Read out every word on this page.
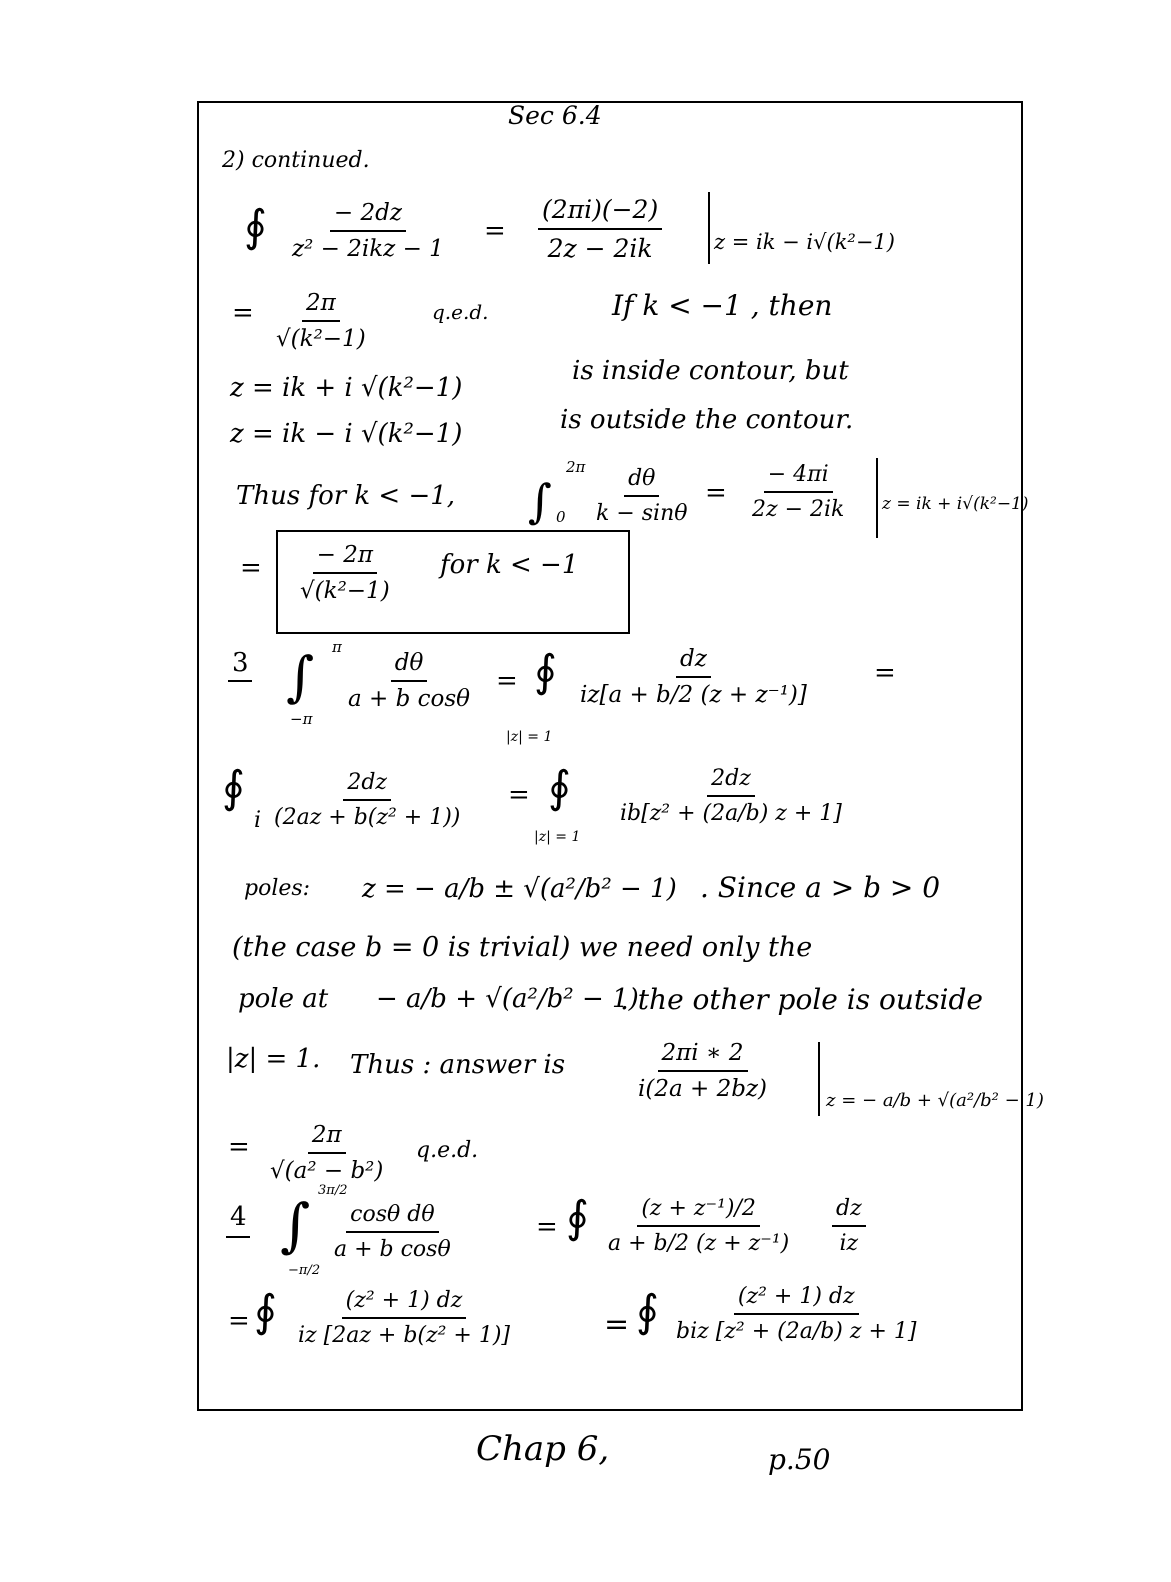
Sec 6.4
2) continued.
∮	− 2dz
z² − 2ikz − 1
= $\frac{(2\pi i)(-2)}{2z - 2ik}$ z = ik − i√(k²−1)
= $\frac{2\pi}{\text{√(k²−1)}}$	q.e.d.	If k < −1 , then
z = ik + i √(k²−1)
is inside contour, but
z = ik − i √(k²−1)	is outside the contour.
Thus for k < −1, ∫
2π
$0 \frac{d\theta}{k - \sin\theta} = \frac{- 4\pi i}{2z - 2ik}$ z = ik + i√(k²−1)
= $\frac{- 2\pi}{\text{√(k²−1)}}$ for k < −1
3 ∫ π
−π
$\frac{d\theta}{\text{a + b cosθ}}$ = ∮
|z| = 1
$\frac{dz}{\text{iz[a + b/2 (z + z⁻¹)]}}$ =
∮
i $\frac{2dz}{\text{(2az + b(z² + 1))}}$ = ∮
|z| = 1
$\frac{2dz}{\text{ib[z² + (2a/b) z + 1]}}$
poles: z = − a/b ± √(a²/b² − 1) . Since a > b > 0
(the case b = 0 is trivial) we need only the
pole at − a/b + √(a²/b² − 1)
. the other pole is outside
|z| = 1. Thus : answer is	$\frac{2\pi i ∗ 2}{i(2a + 2bz)}$	z = − a/b + √(a²/b² − 1)
= $\frac{2\pi}{\text{√(a² − b²)}} q.e.d$.
4 ∫
3π/2
−π/2
$\frac{\text{cosθ dθ}}{\text{a + b cosθ}}$	= ∮ $\frac{\text{(z + z⁻¹)/2}}{\text{a + b/2 (z + z⁻¹)}} \frac{dz}{iz}$
= ∮ $\frac{\text{(z² + 1) dz}}{\text{iz [2az + b(z² + 1)]}}$	= ∮	(z² + 1) dz
biz [z² + (2a/b) z + 1]
Chap 6,	p.50
